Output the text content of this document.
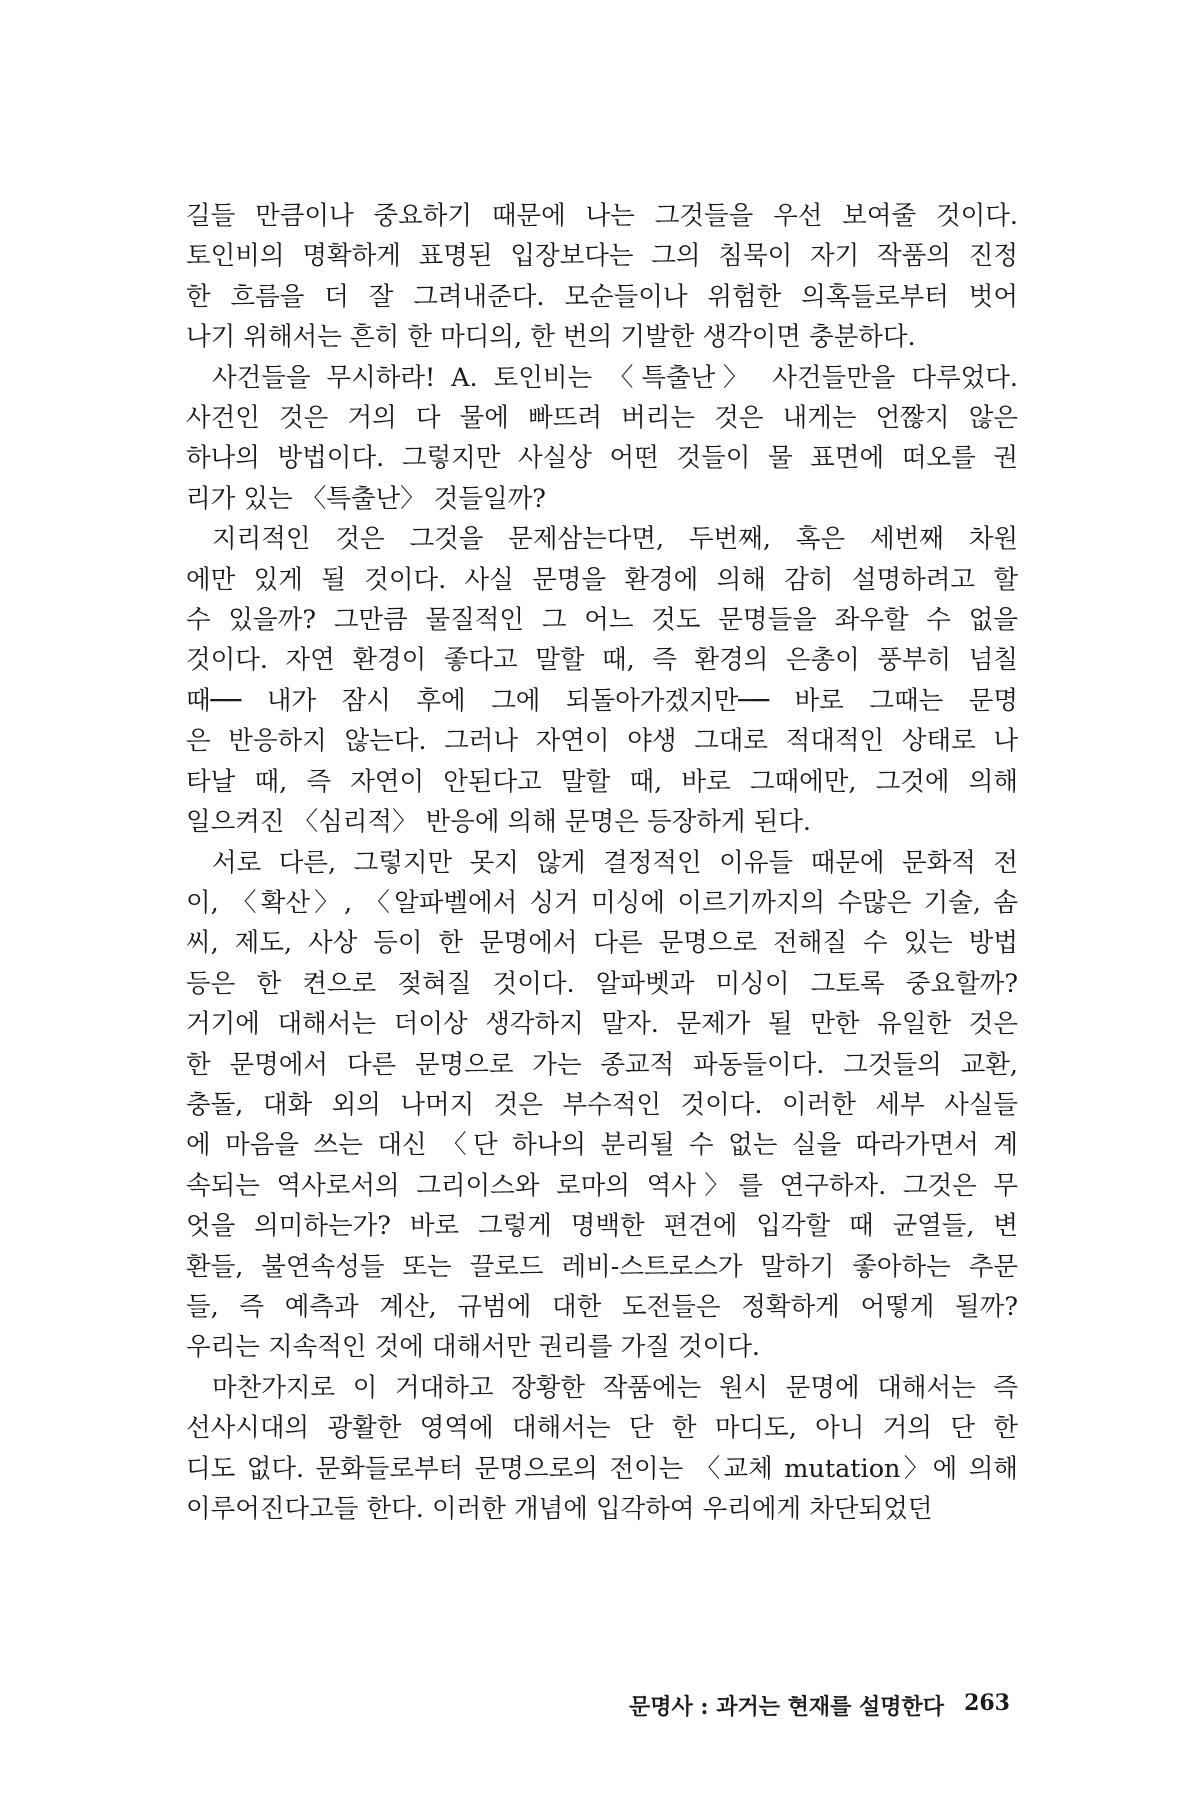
길들 만큼이나 중요하기 때문에 나는 그것들을 우선 보여줄 것이다.
토인비의 명확하게 표명된 입장보다는 그의 침묵이 자기 작품의 진정
한 흐름을 더 잘 그려내준다. 모순들이나 위험한 의혹들로부터 벗어
나기 위해서는 흔히 한 마디의, 한 번의 기발한 생각이면 충분하다.
사건들을 무시하라! A. 토인비는 〈특출난〉 사건들만을 다루었다.
사건인 것은 거의 다 물에 빠뜨려 버리는 것은 내게는 언짢지 않은
하나의 방법이다. 그렇지만 사실상 어떤 것들이 물 표면에 떠오를 권
리가 있는 〈특출난〉 것들일까?
지리적인 것은 그것을 문제삼는다면, 두번째, 혹은 세번째 차원
에만 있게 될 것이다. 사실 문명을 환경에 의해 감히 설명하려고 할
수 있을까? 그만큼 물질적인 그 어느 것도 문명들을 좌우할 수 없을
것이다. 자연 환경이 좋다고 말할 때, 즉 환경의 은총이 풍부히 넘칠
때── 내가 잠시 후에 그에 되돌아가겠지만── 바로 그때는 문명
은 반응하지 않는다. 그러나 자연이 야생 그대로 적대적인 상태로 나
타날 때, 즉 자연이 안된다고 말할 때, 바로 그때에만, 그것에 의해
일으켜진 〈심리적〉 반응에 의해 문명은 등장하게 된다.
서로 다른, 그렇지만 못지 않게 결정적인 이유들 때문에 문화적 전
이, 〈확산〉, 〈알파벨에서 싱거 미싱에 이르기까지의 수많은 기술, 솜
씨, 제도, 사상 등이 한 문명에서 다른 문명으로 전해질 수 있는 방법
등은 한 켠으로 젖혀질 것이다. 알파벳과 미싱이 그토록 중요할까?
거기에 대해서는 더이상 생각하지 말자. 문제가 될 만한 유일한 것은
한 문명에서 다른 문명으로 가는 종교적 파동들이다. 그것들의 교환,
충돌, 대화 외의 나머지 것은 부수적인 것이다. 이러한 세부 사실들
에 마음을 쓰는 대신 〈단 하나의 분리될 수 없는 실을 따라가면서 계
속되는 역사로서의 그리이스와 로마의 역사〉를 연구하자. 그것은 무
엇을 의미하는가? 바로 그렇게 명백한 편견에 입각할 때 균열들, 변
환들, 불연속성들 또는 끌로드 레비-스트로스가 말하기 좋아하는 추문
들, 즉 예측과 계산, 규범에 대한 도전들은 정확하게 어떻게 될까?
우리는 지속적인 것에 대해서만 권리를 가질 것이다.
마찬가지로 이 거대하고 장황한 작품에는 원시 문명에 대해서는 즉
선사시대의 광활한 영역에 대해서는 단 한 마디도, 아니 거의 단 한
디도 없다. 문화들로부터 문명으로의 전이는 〈교체 mutation〉에 의해
이루어진다고들 한다. 이러한 개념에 입각하여 우리에게 차단되었던
문명사 : 과거는 현재를 설명한다 263
